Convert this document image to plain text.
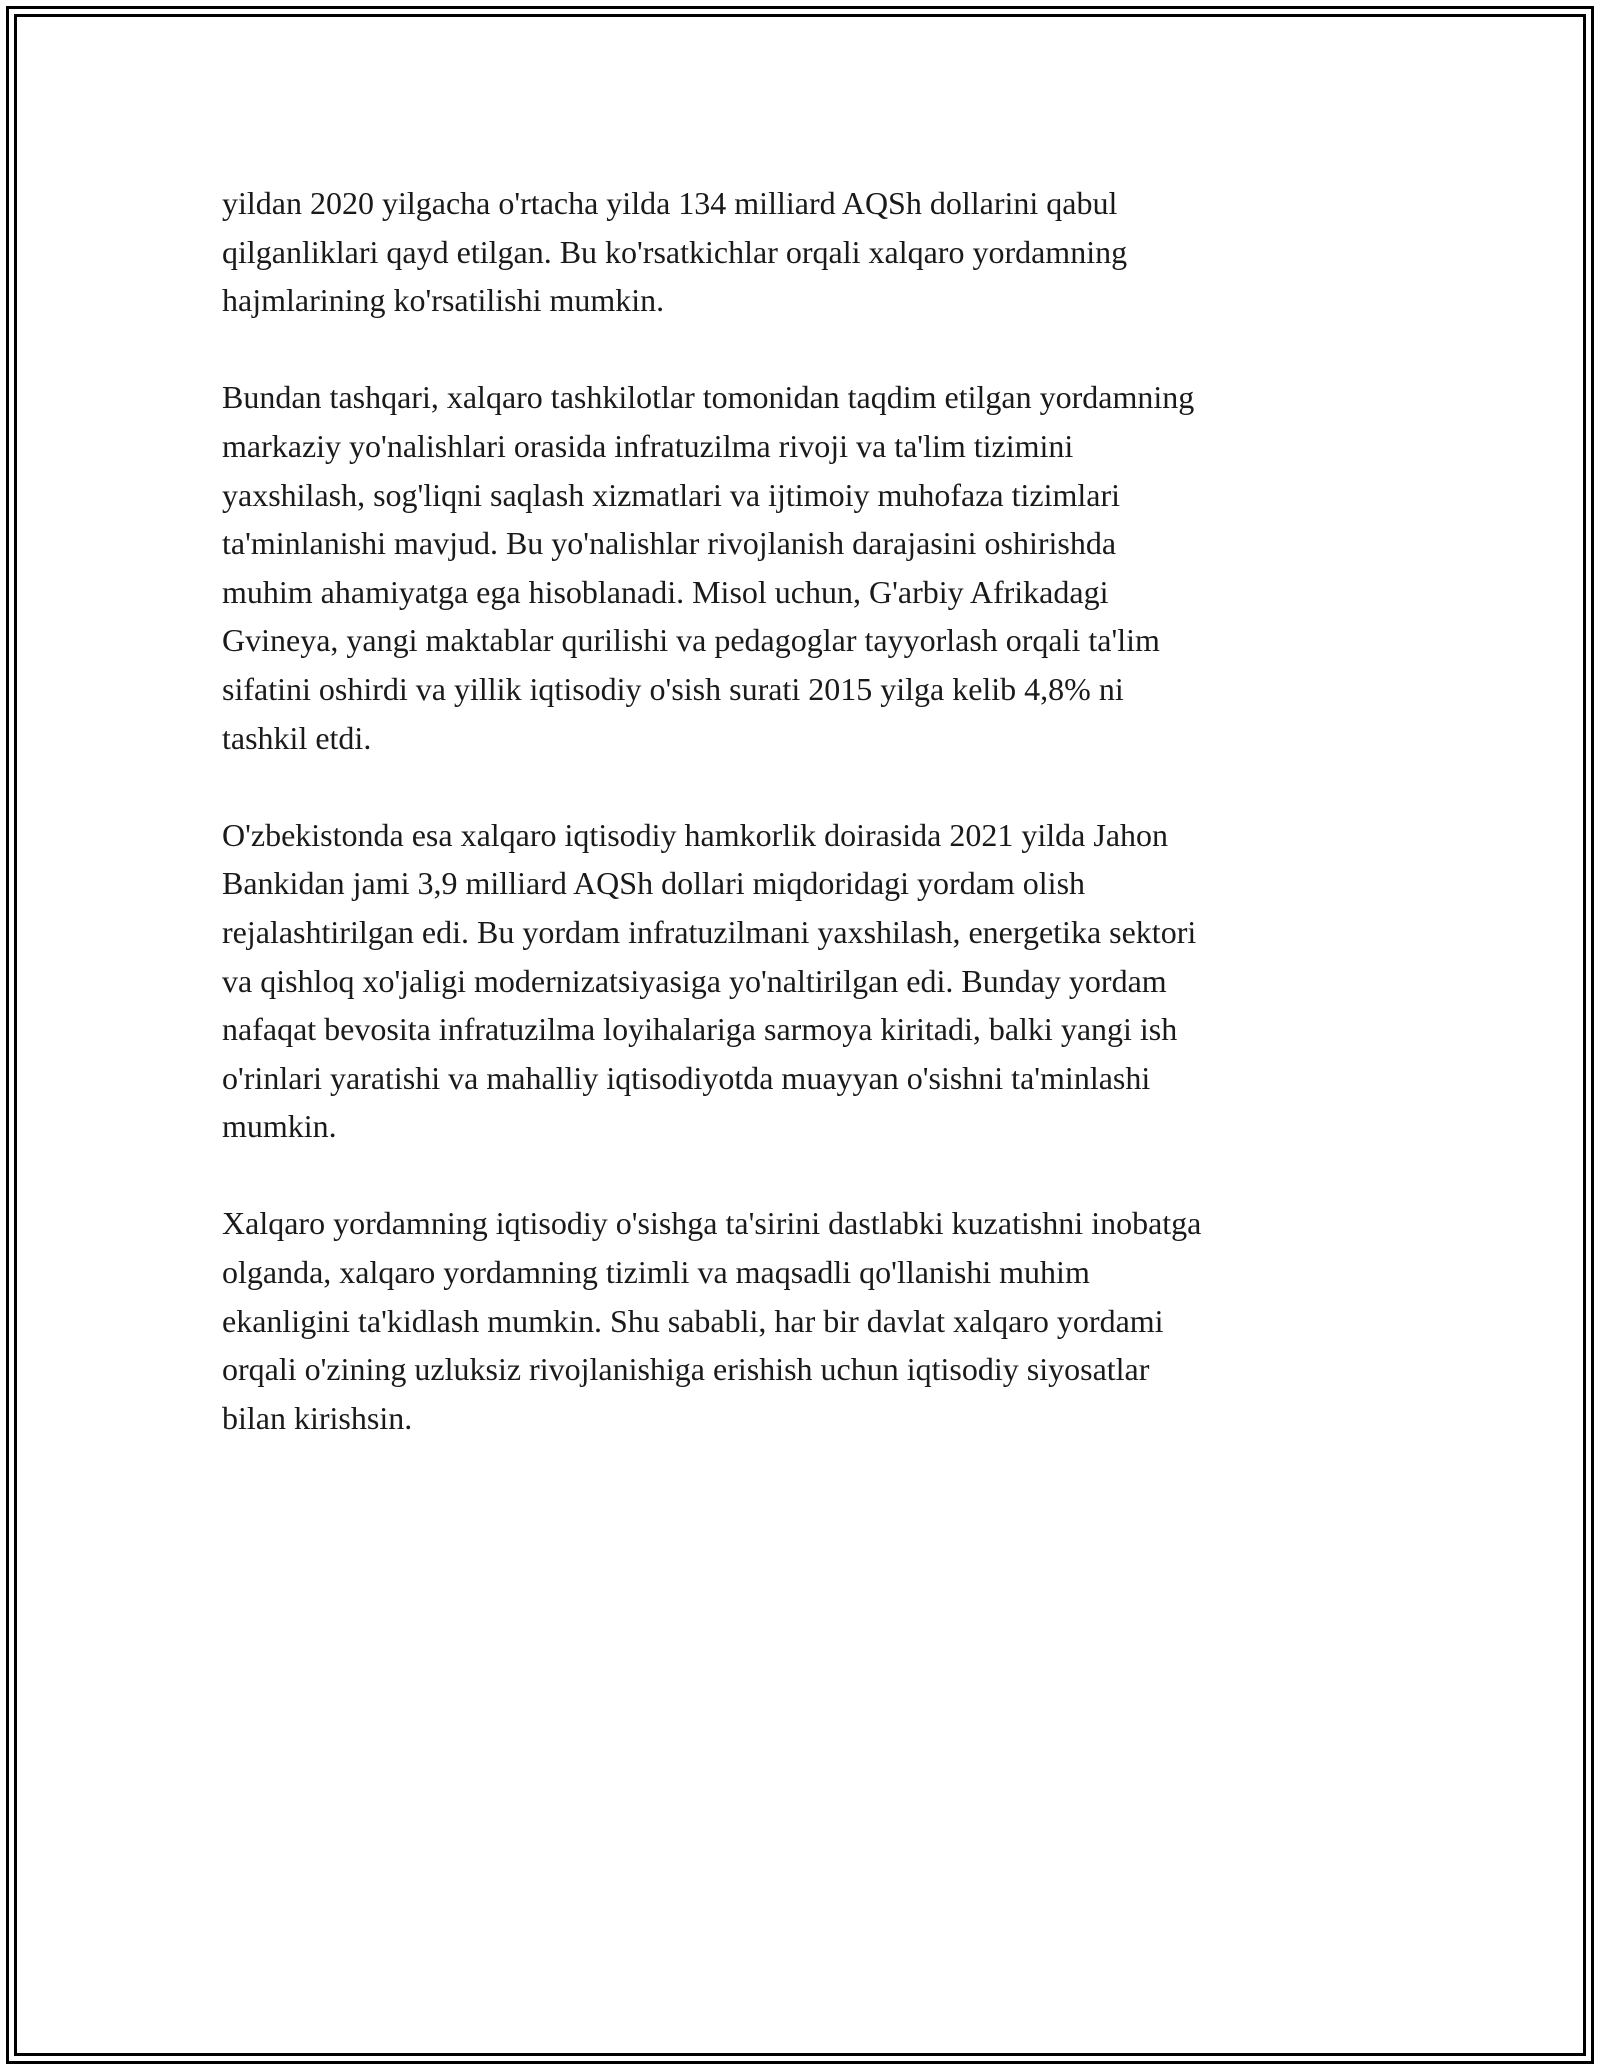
yildan 2020 yilgacha o'rtacha yilda 134 milliard AQSh dollarini qabul
qilganliklari qayd etilgan. Bu ko'rsatkichlar orqali xalqaro yordamning
hajmlarining ko'rsatilishi mumkin.

Bundan tashqari, xalqaro tashkilotlar tomonidan taqdim etilgan yordamning
markaziy yo'nalishlari orasida infratuzilma rivoji va ta'lim tizimini
yaxshilash, sog'liqni saqlash xizmatlari va ijtimoiy muhofaza tizimlari
ta'minlanishi mavjud. Bu yo'nalishlar rivojlanish darajasini oshirishda
muhim ahamiyatga ega hisoblanadi. Misol uchun, G'arbiy Afrikadagi
Gvineya, yangi maktablar qurilishi va pedagoglar tayyorlash orqali ta'lim
sifatini oshirdi va yillik iqtisodiy o'sish surati 2015 yilga kelib 4,8% ni
tashkil etdi.

O'zbekistonda esa xalqaro iqtisodiy hamkorlik doirasida 2021 yilda Jahon
Bankidan jami 3,9 milliard AQSh dollari miqdoridagi yordam olish
rejalashtirilgan edi. Bu yordam infratuzilmani yaxshilash, energetika sektori
va qishloq xo'jaligi modernizatsiyasiga yo'naltirilgan edi. Bunday yordam
nafaqat bevosita infratuzilma loyihalariga sarmoya kiritadi, balki yangi ish
o'rinlari yaratishi va mahalliy iqtisodiyotda muayyan o'sishni ta'minlashi
mumkin.

Xalqaro yordamning iqtisodiy o'sishga ta'sirini dastlabki kuzatishni inobatga
olganda, xalqaro yordamning tizimli va maqsadli qo'llanishi muhim
ekanligini ta'kidlash mumkin. Shu sababli, har bir davlat xalqaro yordami
orqali o'zining uzluksiz rivojlanishiga erishish uchun iqtisodiy siyosatlar
bilan kirishsin.
